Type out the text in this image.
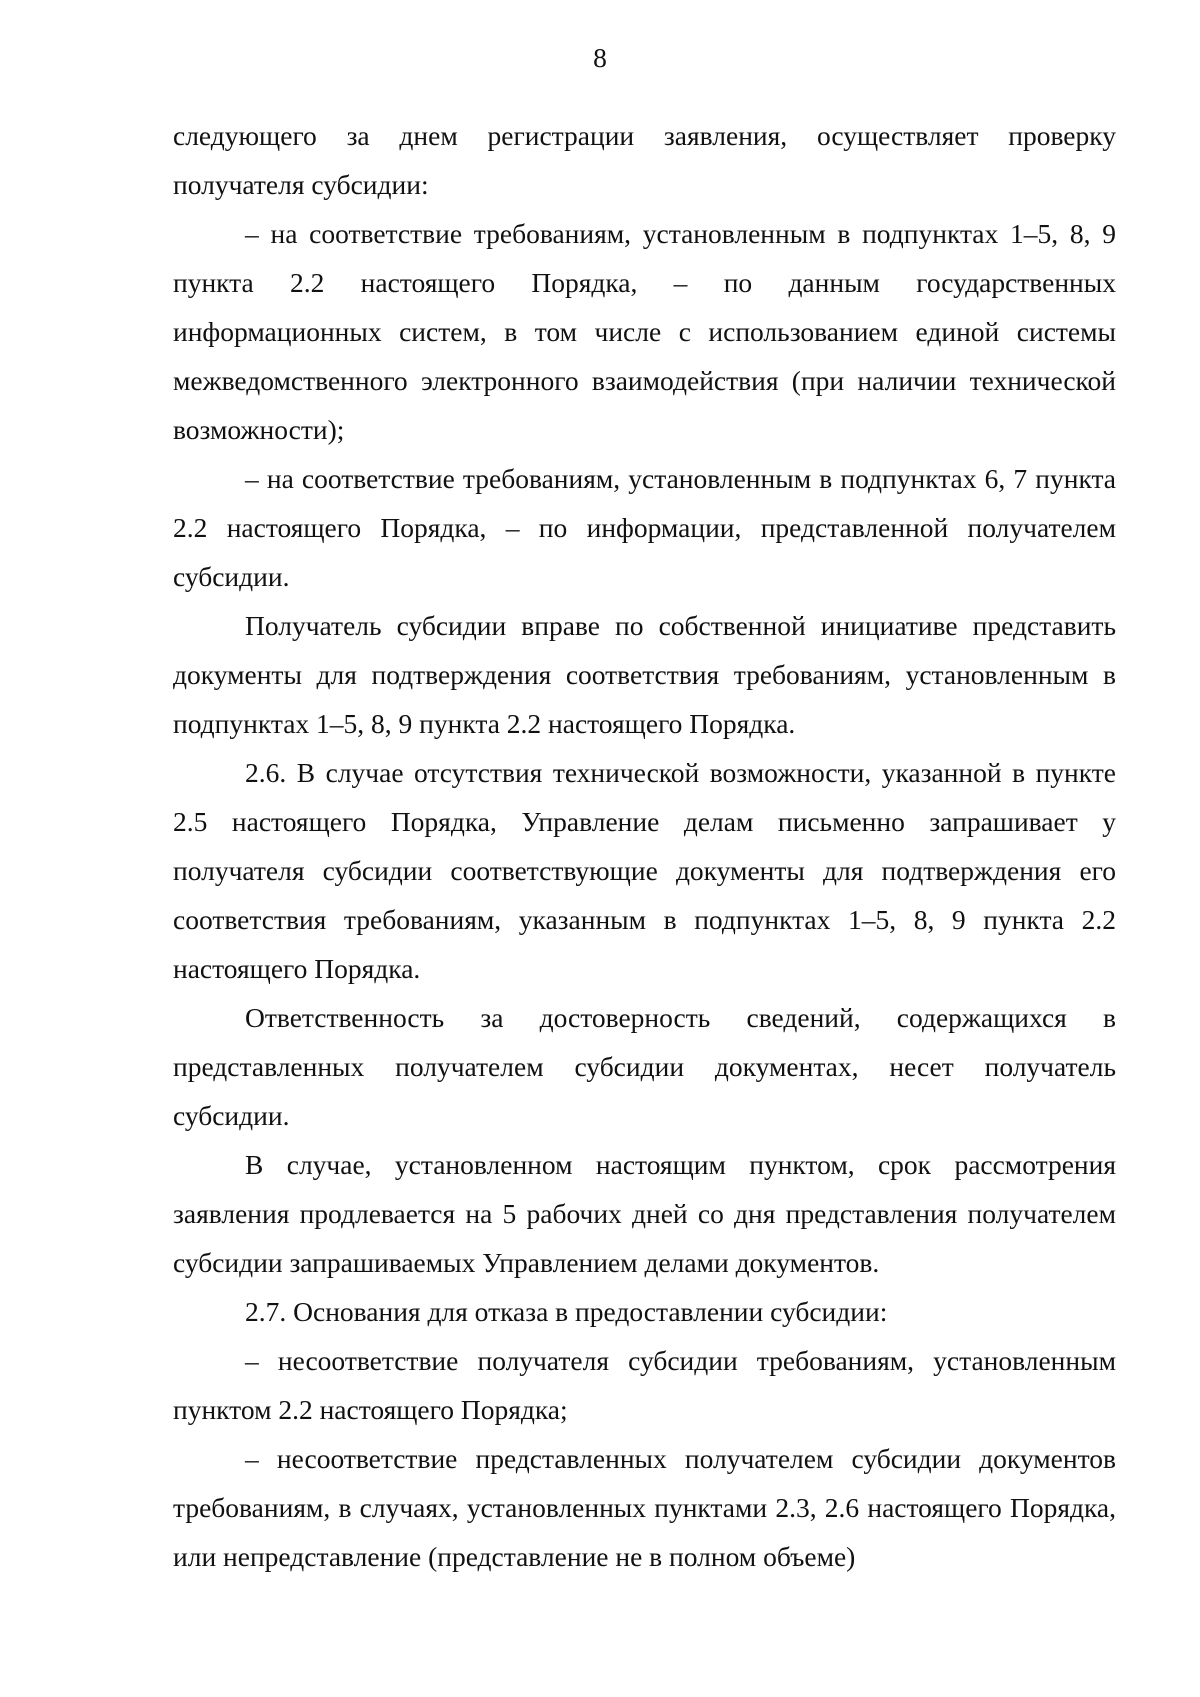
8

следующего за днем регистрации заявления, осуществляет проверку получателя субсидии:

– на соответствие требованиям, установленным в подпунктах 1–5, 8, 9 пункта 2.2 настоящего Порядка, – по данным государственных информационных систем, в том числе с использованием единой системы межведомственного электронного взаимодействия (при наличии технической возможности);

– на соответствие требованиям, установленным в подпунктах 6, 7 пункта 2.2 настоящего Порядка, – по информации, представленной получателем субсидии.

Получатель субсидии вправе по собственной инициативе представить документы для подтверждения соответствия требованиям, установленным в подпунктах 1–5, 8, 9 пункта 2.2 настоящего Порядка.

2.6. В случае отсутствия технической возможности, указанной в пункте 2.5 настоящего Порядка, Управление делам письменно запрашивает у получателя субсидии соответствующие документы для подтверждения его соответствия требованиям, указанным в подпунктах 1–5, 8, 9 пункта 2.2 настоящего Порядка.

Ответственность за достоверность сведений, содержащихся в представленных получателем субсидии документах, несет получатель субсидии.

В случае, установленном настоящим пунктом, срок рассмотрения заявления продлевается на 5 рабочих дней со дня представления получателем субсидии запрашиваемых Управлением делами документов.

2.7. Основания для отказа в предоставлении субсидии:

– несоответствие получателя субсидии требованиям, установленным пунктом 2.2 настоящего Порядка;

– несоответствие представленных получателем субсидии документов требованиям, в случаях, установленных пунктами 2.3, 2.6 настоящего Порядка, или непредставление (представление не в полном объеме)
